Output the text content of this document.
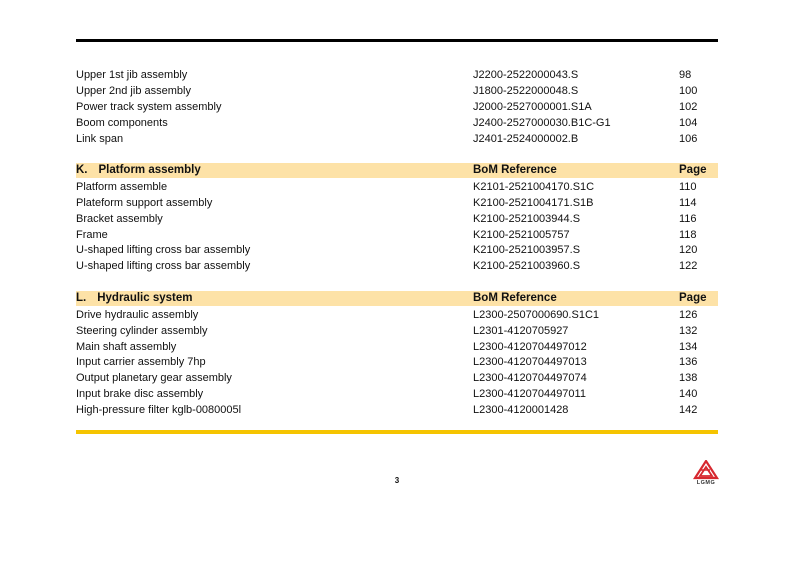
Upper 1st jib assembly	J2200-2522000043.S	98
Upper 2nd jib assembly	J1800-2522000048.S	100
Power track system assembly	J2000-2527000001.S1A	102
Boom components	J2400-2527000030.B1C-G1	104
Link span	J2401-2524000002.B	106
K. Platform assembly	BoM Reference	Page
Platform assemble	K2101-2521004170.S1C	110
Plateform support assembly	K2100-2521004171.S1B	114
Bracket assembly	K2100-2521003944.S	116
Frame	K2100-2521005757	118
U-shaped lifting cross bar assembly	K2100-2521003957.S	120
U-shaped lifting cross bar assembly	K2100-2521003960.S	122
L. Hydraulic system	BoM Reference	Page
Drive hydraulic assembly	L2300-2507000690.S1C1	126
Steering cylinder assembly	L2301-4120705927	132
Main shaft assembly	L2300-4120704497012	134
Input carrier assembly 7hp	L2300-4120704497013	136
Output planetary gear assembly	L2300-4120704497074	138
Input brake disc assembly	L2300-4120704497011	140
High-pressure filter kglb-0080005l	L2300-4120001428	142
3	LGMG
